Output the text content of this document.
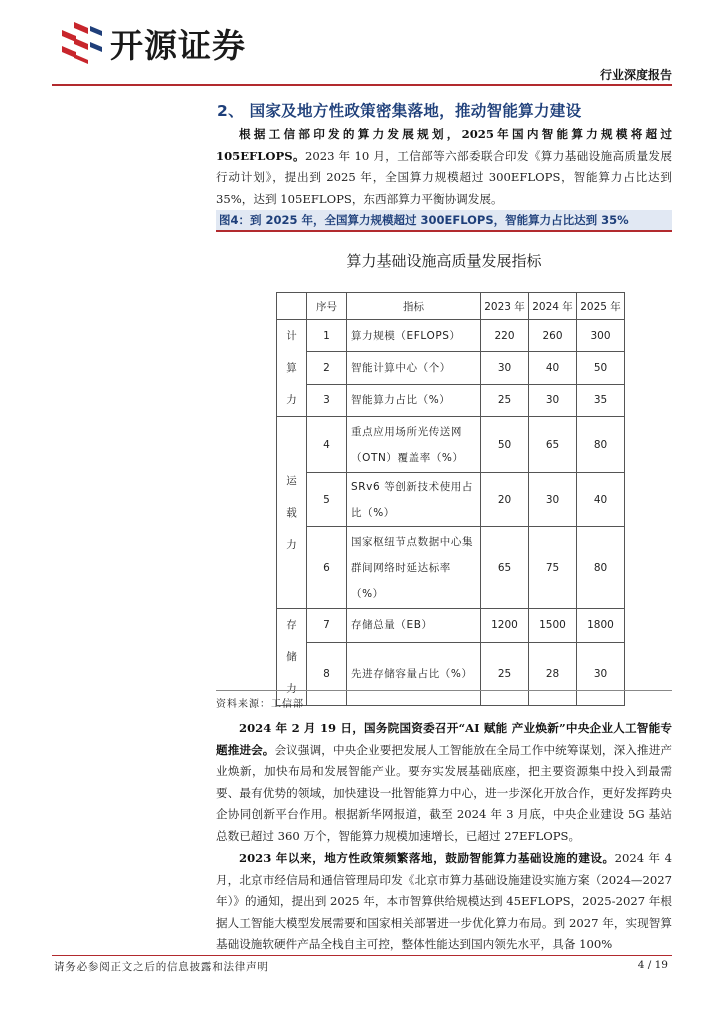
开源证券
行业深度报告
2、 国家及地方性政策密集落地，推动智能算力建设
根据工信部印发的算力发展规划，2025年国内智能算力规模将超过105EFLOPS。2023 年 10 月，工信部等六部委联合印发《算力基础设施高质量发展行动计划》，提出到 2025 年，全国算力规模超过 300EFLOPS，智能算力占比达到 35%，达到 105EFLOPS，东西部算力平衡协调发展。
图4：到 2025 年，全国算力规模超过 300EFLOPS，智能算力占比达到 35%
算力基础设施高质量发展指标
	序号	指标	2023 年	2024 年	2025 年
计算力	1	算力规模（EFLOPS）	220	260	300
	2	智能计算中心（个）	30	40	50
	3	智能算力占比（%）	25	30	35
运载力	4	重点应用场所光传送网（OTN）覆盖率（%）	50	65	80
	5	SRv6 等创新技术使用占比（%）	20	30	40
	6	国家枢纽节点数据中心集群间网络时延达标率（%）	65	75	80
存储力	7	存储总量（EB）	1200	1500	1800
	8	先进存储容量占比（%）	25	28	30
资料来源：工信部
2024 年 2 月 19 日，国务院国资委召开“AI 赋能 产业焕新”中央企业人工智能专题推进会。会议强调，中央企业要把发展人工智能放在全局工作中统筹谋划，深入推进产业焕新，加快布局和发展智能产业。要夯实发展基础底座，把主要资源集中投入到最需要、最有优势的领域，加快建设一批智能算力中心，进一步深化开放合作，更好发挥跨央企协同创新平台作用。根据新华网报道，截至 2024 年 3 月底，中央企业建设 5G 基站总数已超过 360 万个，智能算力规模加速增长，已超过 27EFLOPS。
2023 年以来，地方性政策频繁落地，鼓励智能算力基础设施的建设。2024 年 4 月，北京市经信局和通信管理局印发《北京市算力基础设施建设实施方案（2024—2027 年）》的通知，提出到 2025 年，本市智算供给规模达到 45EFLOPS，2025-2027 年根据人工智能大模型发展需要和国家相关部署进一步优化算力布局。到 2027 年，实现智算基础设施软硬件产品全栈自主可控，整体性能达到国内领先水平，具备 100%
请务必参阅正文之后的信息披露和法律声明	4 / 19
